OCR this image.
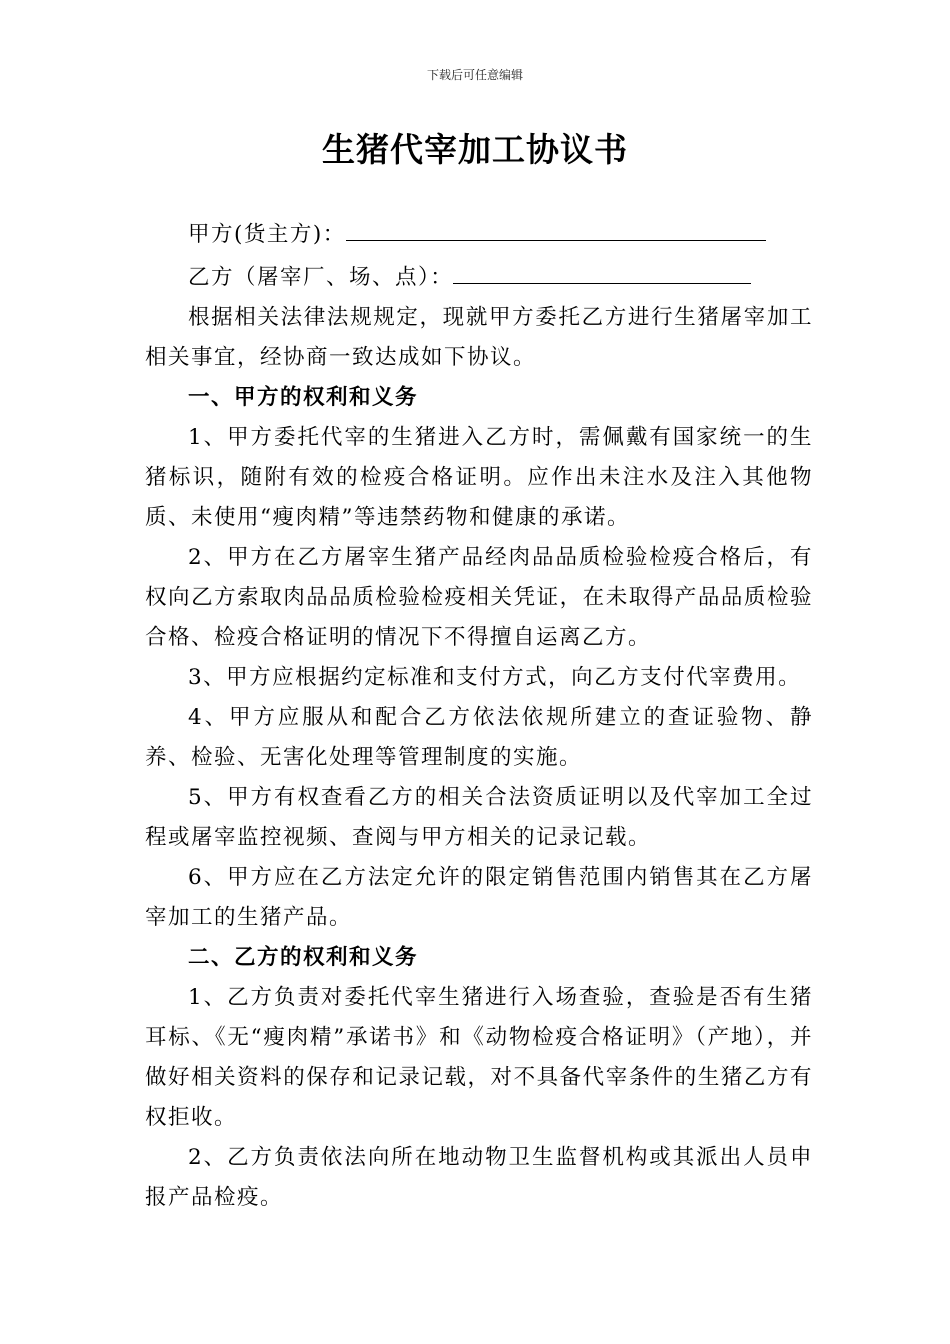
下载后可任意编辑
生猪代宰加工协议书

甲方(货主方)：

乙方（屠宰厂、场、点）：

根据相关法律法规规定，现就甲方委托乙方进行生猪屠宰加工相关事宜，经协商一致达成如下协议。

一、甲方的权利和义务

1、甲方委托代宰的生猪进入乙方时，需佩戴有国家统一的生猪标识，随附有效的检疫合格证明。应作出未注水及注入其他物质、未使用“瘦肉精”等违禁药物和健康的承诺。

2、甲方在乙方屠宰生猪产品经肉品品质检验检疫合格后，有权向乙方索取肉品品质检验检疫相关凭证，在未取得产品品质检验合格、检疫合格证明的情况下不得擅自运离乙方。

3、甲方应根据约定标准和支付方式，向乙方支付代宰费用。

4、甲方应服从和配合乙方依法依规所建立的查证验物、静养、检验、无害化处理等管理制度的实施。

5、甲方有权查看乙方的相关合法资质证明以及代宰加工全过程或屠宰监控视频、查阅与甲方相关的记录记载。

6、甲方应在乙方法定允许的限定销售范围内销售其在乙方屠宰加工的生猪产品。

二、乙方的权利和义务

1、乙方负责对委托代宰生猪进行入场查验，查验是否有生猪耳标、《无“瘦肉精”承诺书》和《动物检疫合格证明》（产地），并做好相关资料的保存和记录记载，对不具备代宰条件的生猪乙方有权拒收。

2、乙方负责依法向所在地动物卫生监督机构或其派出人员申报产品检疫。
